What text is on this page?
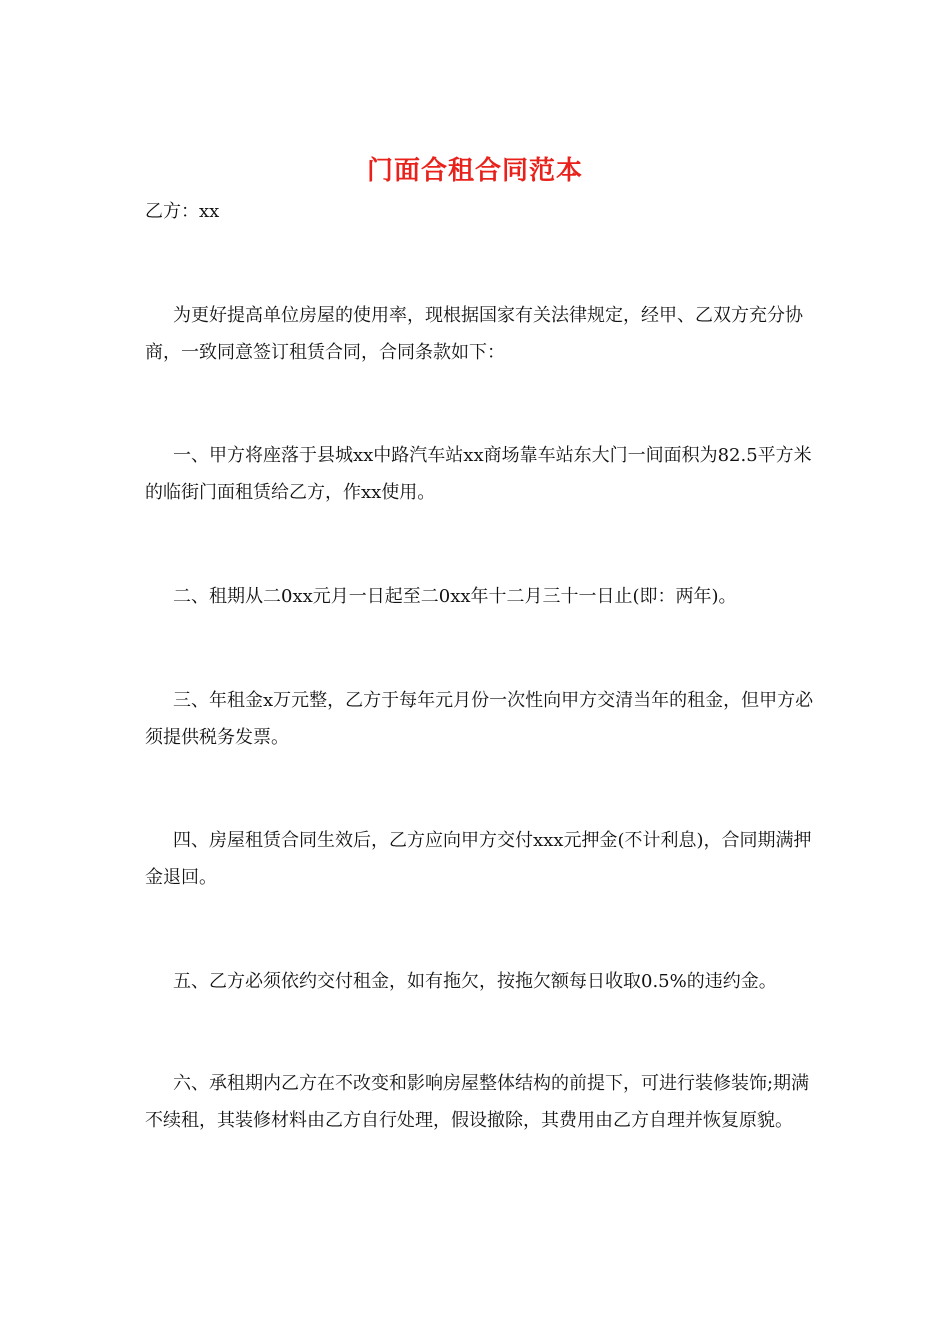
门面合租合同范本
乙方：xx
为更好提高单位房屋的使用率，现根据国家有关法律规定，经甲、乙双方充分协商，一致同意签订租赁合同，合同条款如下：
一、甲方将座落于县城xx中路汽车站xx商场靠车站东大门一间面积为82.5平方米的临街门面租赁给乙方，作xx使用。
二、租期从二0xx元月一日起至二0xx年十二月三十一日止(即：两年)。
三、年租金x万元整，乙方于每年元月份一次性向甲方交清当年的租金，但甲方必须提供税务发票。
四、房屋租赁合同生效后，乙方应向甲方交付xxx元押金(不计利息)，合同期满押金退回。
五、乙方必须依约交付租金，如有拖欠，按拖欠额每日收取0.5%的违约金。
六、承租期内乙方在不改变和影响房屋整体结构的前提下，可进行装修装饰;期满不续租，其装修材料由乙方自行处理，假设撤除，其费用由乙方自理并恢复原貌。
